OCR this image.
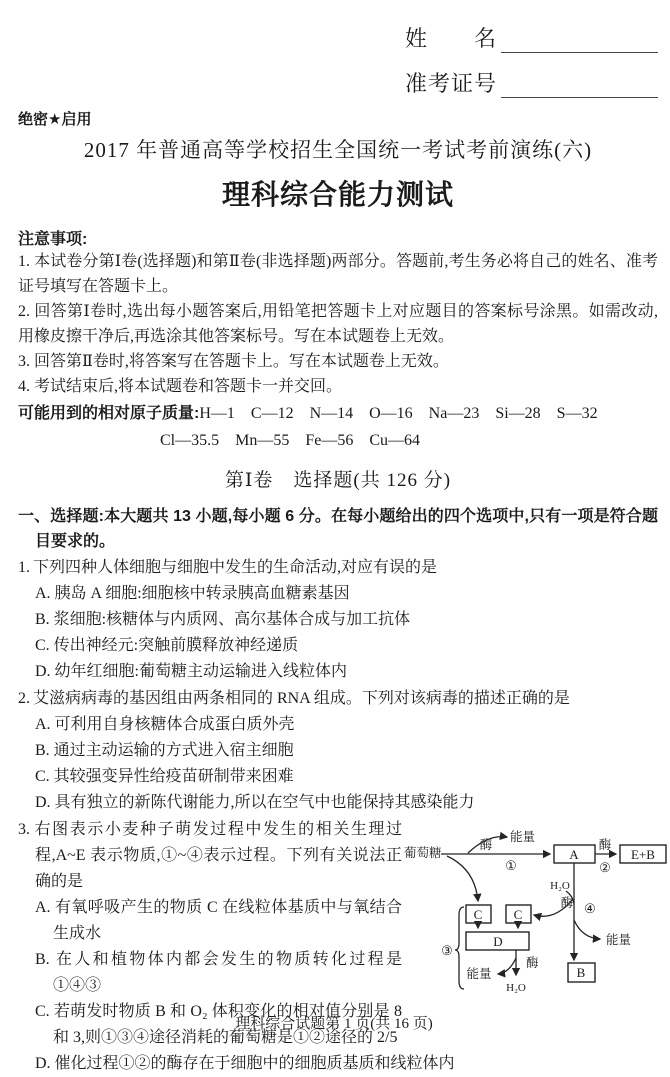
姓　　名
准考证号
绝密★启用
2017 年普通高等学校招生全国统一考试考前演练(六)
理科综合能力测试
注意事项:
1. 本试卷分第Ⅰ卷(选择题)和第Ⅱ卷(非选择题)两部分。答题前,考生务必将自己的姓名、准考证号填写在答题卡上。
2. 回答第Ⅰ卷时,选出每小题答案后,用铅笔把答题卡上对应题目的答案标号涂黑。如需改动,用橡皮擦干净后,再选涂其他答案标号。写在本试题卷上无效。
3. 回答第Ⅱ卷时,将答案写在答题卡上。写在本试题卷上无效。
4. 考试结束后,将本试题卷和答题卡一并交回。
可能用到的相对原子质量:H—1　C—12　N—14　O—16　Na—23　Si—28　S—32
Cl—35.5　Mn—55　Fe—56　Cu—64
第Ⅰ卷　选择题(共 126 分)
一、选择题:本大题共 13 小题,每小题 6 分。在每小题给出的四个选项中,只有一项是符合题目要求的。
1. 下列四种人体细胞与细胞中发生的生命活动,对应有误的是
A. 胰岛 A 细胞:细胞核中转录胰高血糖素基因
B. 浆细胞:核糖体与内质网、高尔基体合成与加工抗体
C. 传出神经元:突触前膜释放神经递质
D. 幼年红细胞:葡萄糖主动运输进入线粒体内
2. 艾滋病病毒的基因组由两条相同的 RNA 组成。下列对该病毒的描述正确的是
A. 可利用自身核糖体合成蛋白质外壳
B. 通过主动运输的方式进入宿主细胞
C. 其较强变异性给疫苗研制带来困难
D. 具有独立的新陈代谢能力,所以在空气中也能保持其感染能力
葡萄糖
酶
①
能量
A
酶
②
E+B
H₂O
酶 ④
能量
B
C C
D
③
酶
能量
H₂O
3. 右图表示小麦种子萌发过程中发生的相关生理过程,A~E 表示物质,①~④表示过程。下列有关说法正确的是
A. 有氧呼吸产生的物质 C 在线粒体基质中与氧结合生成水
B. 在人和植物体内都会发生的物质转化过程是①④③
C. 若萌发时物质 B 和 O₂ 体积变化的相对值分别是 8 和 3,则①③④途径消耗的葡萄糖是①②途径的 2/5
D. 催化过程①②的酶存在于细胞中的细胞质基质和线粒体内
理科综合试题第 1 页(共 16 页)
